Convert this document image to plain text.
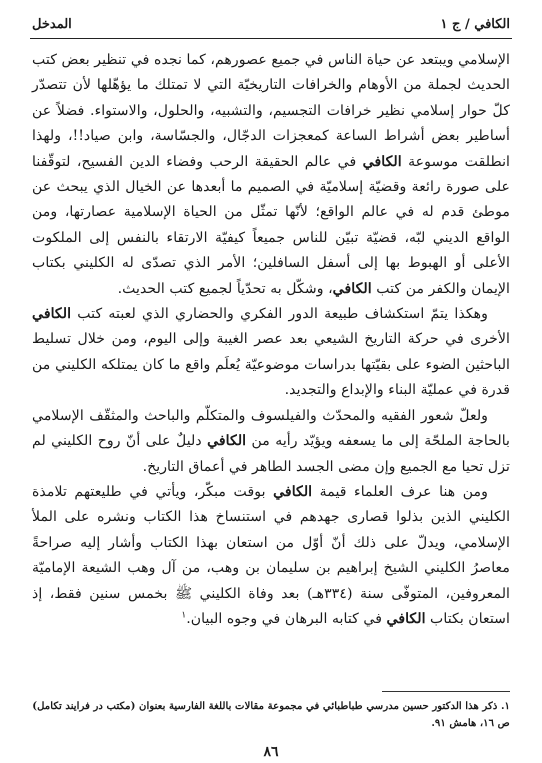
الكافي / ج ١
المدخل

الإسلامي ويبتعد عن حياة الناس في جميع عصورهم، كما نجده في تنظير بعض كتب الحديث لجملة من الأوهام والخرافات التاريخيّة التي لا تمتلك ما يؤهّلها لأن تتصدّر كلّ حوار إسلامي نظير خرافات التجسيم، والتشبيه، والحلول، والاستواء. فضلاً عن أساطير بعض أشراط الساعة كمعجزات الدجّال، والجسّاسة، وابن صياد!!، ولهذا انطلقت موسوعة الكافي في عالم الحقيقة الرحب وفضاء الدين الفسيح، لتوقّفنا على صورة رائعة وقضيّة إسلاميّة في الصميم ما أبعدها عن الخيال الذي يبحث عن موطئ قدم له في عالم الواقع؛ لأنّها تمثّل من الحياة الإسلامية عصارتها، ومن الواقع الديني لبّه، قضيّة تبيّن للناس جميعاً كيفيّة الارتقاء بالنفس إلى الملكوت الأعلى أو الهبوط بها إلى أسفل السافلين؛ الأمر الذي تصدّى له الكليني بكتاب الإيمان والكفر من كتب الكافي، وشكّل به تحدّياً لجميع كتب الحديث.

وهكذا يتمّ استكشاف طبيعة الدور الفكري والحضاري الذي لعبته كتب الكافي الأخرى في حركة التاريخ الشيعي بعد عصر الغيبة وإلى اليوم، ومن خلال تسليط الباحثين الضوء على بقيّتها بدراسات موضوعيّة يُعلَم واقع ما كان يمتلكه الكليني من قدرة في عمليّة البناء والإبداع والتجديد.

ولعلّ شعور الفقيه والمحدّث والفيلسوف والمتكلّم والباحث والمثقّف الإسلامي بالحاجة الملحّة إلى ما يسعفه ويؤيّد رأيه من الكافي دليلٌ على أنّ روح الكليني لم تزل تحيا مع الجميع وإن مضى الجسد الطاهر في أعماق التاريخ.

ومن هنا عرف العلماء قيمة الكافي بوقت مبكّر، ويأتي في طليعتهم تلامذة الكليني الذين بذلوا قصارى جهدهم في استنساخ هذا الكتاب ونشره على الملأ الإسلامي، ويدلّ على ذلك أنّ أوّل من استعان بهذا الكتاب وأشار إليه صراحةً معاصرُ الكليني الشيخ إبراهيم بن سليمان بن وهب، من آل وهب الشيعة الإماميّة المعروفين، المتوفّى سنة (٣٣٤هـ) بعد وفاة الكليني ﷺ بخمس سنين فقط، إذ استعان بكتاب الكافي في كتابه البرهان في وجوه البيان.$^١$

١. ذكر هذا الدكتور حسين مدرسي طباطبائي في مجموعة مقالات باللغة الفارسية بعنوان (مكتب در فرايند تكامل)

ص ١٦، هامش ٩١.

٨٦
